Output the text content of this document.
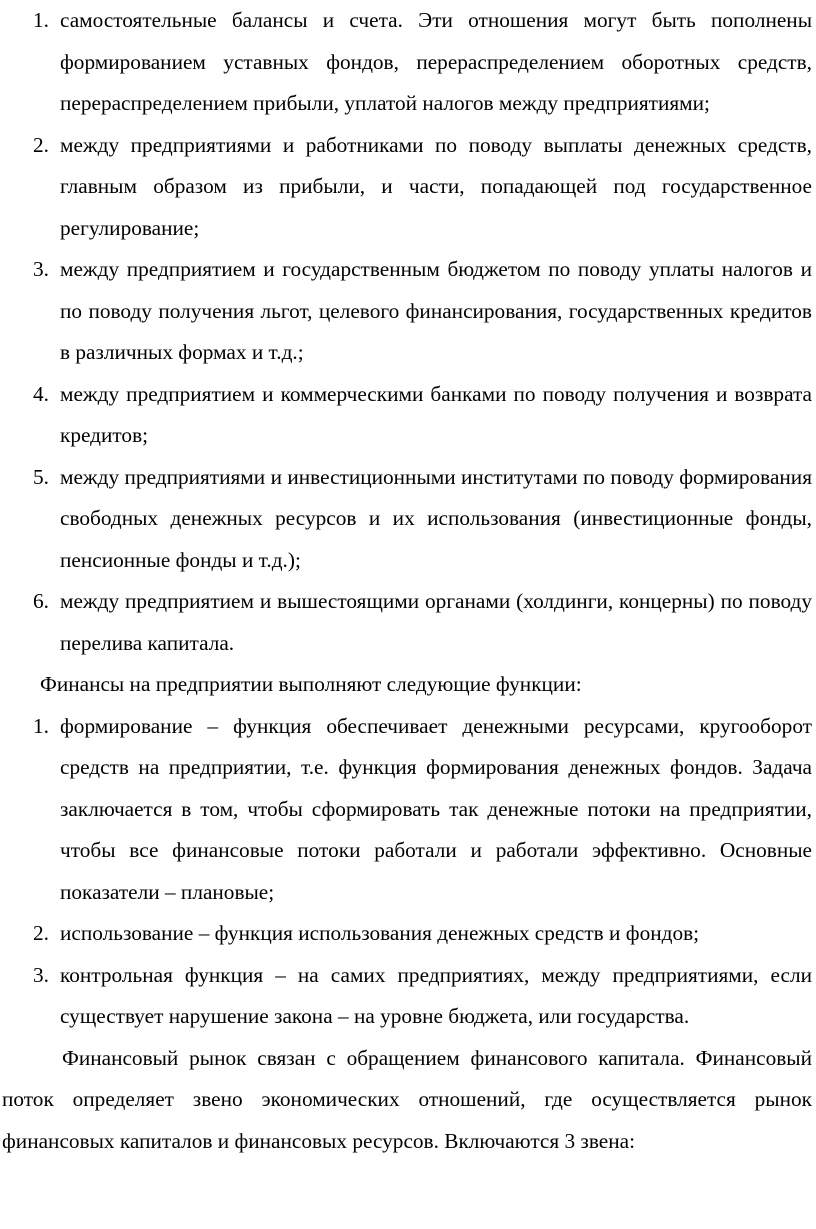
1. самостоятельные балансы и счета. Эти отношения могут быть пополнены формированием уставных фондов, перераспределением оборотных средств, перераспределением прибыли, уплатой налогов между предприятиями;
2. между предприятиями и работниками по поводу выплаты денежных средств, главным образом из прибыли, и части, попадающей под государственное регулирование;
3. между предприятием и государственным бюджетом по поводу уплаты налогов и по поводу получения льгот, целевого финансирования, государственных кредитов в различных формах и т.д.;
4. между предприятием и коммерческими банками по поводу получения и возврата кредитов;
5. между предприятиями и инвестиционными институтами по поводу формирования свободных денежных ресурсов и их использования (инвестиционные фонды, пенсионные фонды и т.д.);
6. между предприятием и вышестоящими органами (холдинги, концерны) по поводу перелива капитала.

Финансы на предприятии выполняют следующие функции:

1. формирование – функция обеспечивает денежными ресурсами, кругооборот средств на предприятии, т.е. функция формирования денежных фондов. Задача заключается в том, чтобы сформировать так денежные потоки на предприятии, чтобы все финансовые потоки работали и работали эффективно. Основные показатели – плановые;
2. использование – функция использования денежных средств и фондов;
3. контрольная функция – на самих предприятиях, между предприятиями, если существует нарушение закона – на уровне бюджета, или государства.

Финансовый рынок связан с обращением финансового капитала. Финансовый поток определяет звено экономических отношений, где осуществляется рынок финансовых капиталов и финансовых ресурсов. Включаются 3 звена:
